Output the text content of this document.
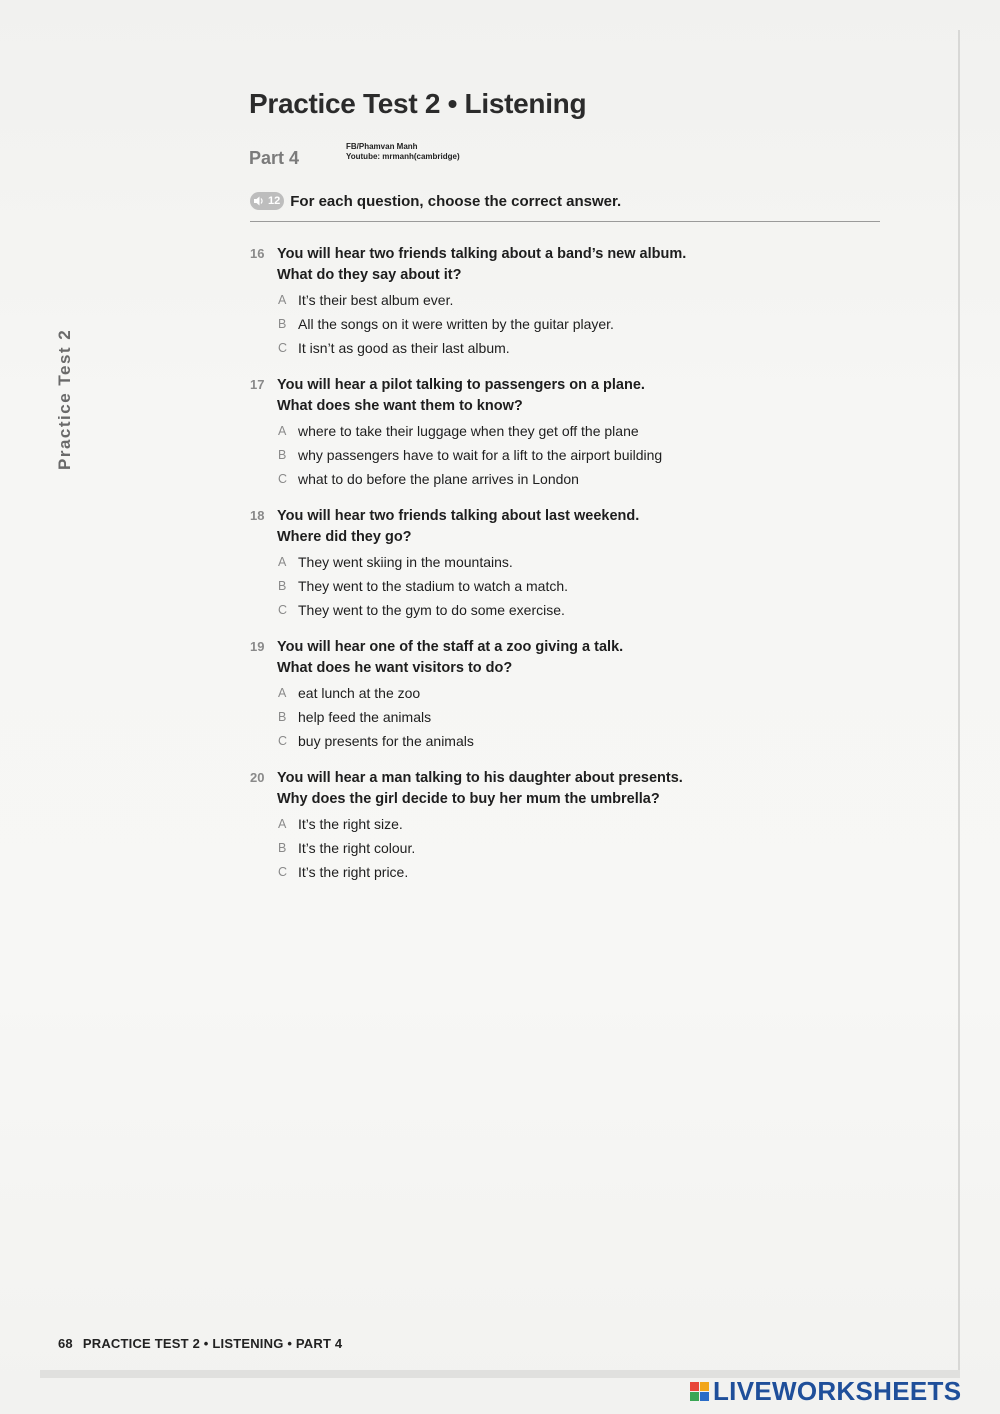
Practice Test 2
Practice Test 2 • Listening
Part 4
FB/Phamvan Manh
Youtube: mrmanh(cambridge)
12 For each question, choose the correct answer.
16 You will hear two friends talking about a band’s new album.
What do they say about it?
A It’s their best album ever.
B All the songs on it were written by the guitar player.
C It isn’t as good as their last album.
17 You will hear a pilot talking to passengers on a plane.
What does she want them to know?
A where to take their luggage when they get off the plane
B why passengers have to wait for a lift to the airport building
C what to do before the plane arrives in London
18 You will hear two friends talking about last weekend.
Where did they go?
A They went skiing in the mountains.
B They went to the stadium to watch a match.
C They went to the gym to do some exercise.
19 You will hear one of the staff at a zoo giving a talk.
What does he want visitors to do?
A eat lunch at the zoo
B help feed the animals
C buy presents for the animals
20 You will hear a man talking to his daughter about presents.
Why does the girl decide to buy her mum the umbrella?
A It’s the right size.
B It’s the right colour.
C It’s the right price.
68 PRACTICE TEST 2 • LISTENING • PART 4
LIVEWORKSHEETS
